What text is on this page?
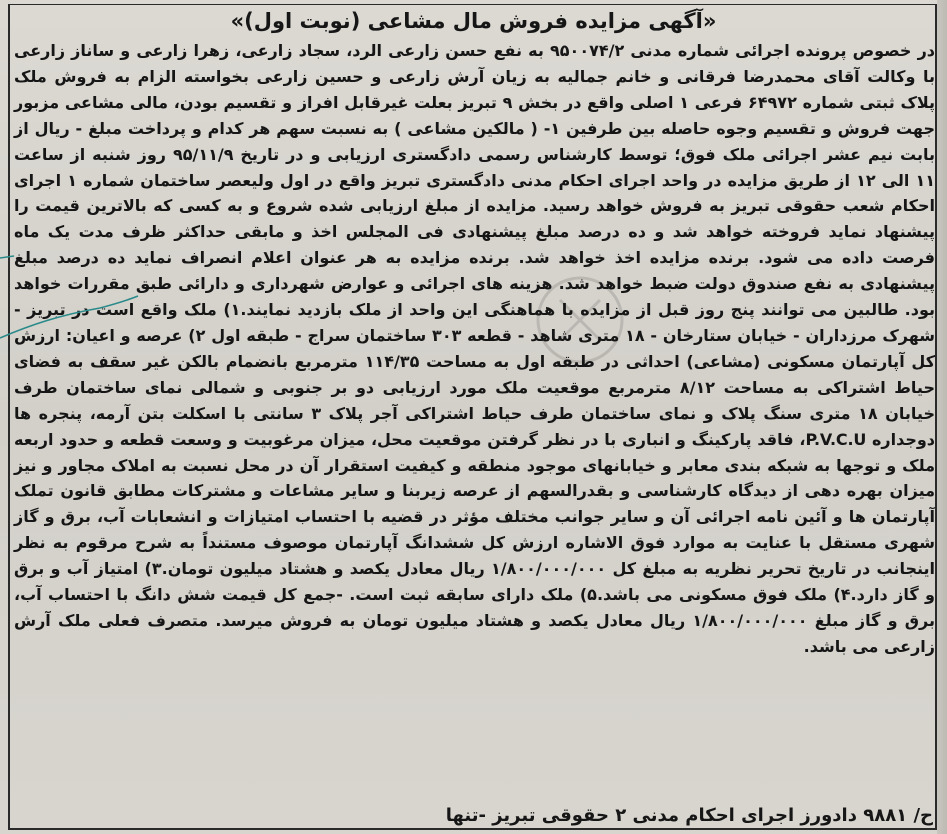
«آگهی مزایده فروش مال مشاعی (نوبت اول)»
در خصوص پرونده اجرائی شماره مدنی ۹۵۰۰۷۴/۲ به نفع حسن زارعی الرد، سجاد زارعی، زهرا زارعی و ساناز زارعی با وکالت آقای محمدرضا فرقانی و خانم جمالیه به زیان آرش زارعی و حسین زارعی بخواسته الزام به فروش ملک پلاک ثبتی شماره ۶۴۹۷۲ فرعی ۱ اصلی واقع در بخش ۹ تبریز بعلت غیرقابل افراز و تقسیم بودن، مالی مشاعی مزبور جهت فروش و تقسیم وجوه حاصله بین طرفین ۱- ( مالکین مشاعی ) به نسبت سهم هر کدام و پرداخت مبلغ - ریال از بابت نیم عشر اجرائی ملک فوق؛ توسط کارشناس رسمی دادگستری ارزیابی و در تاریخ ۹۵/۱۱/۹ روز شنبه از ساعت ۱۱ الی ۱۲ از طریق مزایده در واحد اجرای احکام مدنی دادگستری تبریز واقع در اول ولیعصر ساختمان شماره ۱ اجرای احکام شعب حقوقی تبریز به فروش خواهد رسید. مزایده از مبلغ ارزیابی شده شروع و به کسی که بالاترین قیمت را پیشنهاد نماید فروخته خواهد شد و ده درصد مبلغ پیشنهادی فی المجلس اخذ و مابقی حداکثر ظرف مدت یک ماه فرصت داده می شود. برنده مزایده اخذ خواهد شد. برنده مزایده به هر عنوان اعلام انصراف نماید ده درصد مبلغ پیشنهادی به نفع صندوق دولت ضبط خواهد شد. هزینه های اجرائی و عوارض شهرداری و دارائی طبق مقررات خواهد بود. طالبین می توانند پنج روز قبل از مزایده با هماهنگی این واحد از ملک بازدید نمایند.۱) ملک واقع است در تبریز - شهرک مرزداران - خیابان ستارخان - ۱۸ متری شاهد - قطعه ۳۰۳ ساختمان سراج - طبقه اول ۲) عرصه و اعیان: ارزش کل آپارتمان مسکونی (مشاعی) احداثی در طبقه اول به مساحت ۱۱۴/۳۵ مترمربع بانضمام بالکن غیر سقف به فضای حیاط اشتراکی به مساحت ۸/۱۲ مترمربع موقعیت ملک مورد ارزیابی دو بر جنوبی و شمالی نمای ساختمان طرف خیابان ۱۸ متری سنگ پلاک و نمای ساختمان طرف حیاط اشتراکی آجر پلاک ۳ سانتی با اسکلت بتن آرمه، پنجره ها دوجداره P.V.C.U، فاقد پارکینگ و انباری با در نظر گرفتن موقعیت محل، میزان مرغوبیت و وسعت قطعه و حدود اربعه ملک و توجها به شبکه بندی معابر و خیابانهای موجود منطقه و کیفیت استقرار آن در محل نسبت به املاک مجاور و نیز میزان بهره دهی از دیدگاه کارشناسی و بقدرالسهم از عرصه زیربنا و سایر مشاعات و مشترکات مطابق قانون تملک آپارتمان ها و آئین نامه اجرائی آن و سایر جوانب مختلف مؤثر در قضیه با احتساب امتیازات و انشعابات آب، برق و گاز شهری مستقل با عنایت به موارد فوق الاشاره ارزش کل ششدانگ آپارتمان موصوف مستنداً به شرح مرقوم به نظر اینجانب در تاریخ تحریر نظریه به مبلغ کل ۱/۸۰۰/۰۰۰/۰۰۰ ریال معادل یکصد و هشتاد میلیون تومان.۳) امتیاز آب و برق و گاز دارد.۴) ملک فوق مسکونی می باشد.۵) ملک دارای سابقه ثبت است. -جمع کل قیمت شش دانگ با احتساب آب، برق و گاز مبلغ ۱/۸۰۰/۰۰۰/۰۰۰ ریال معادل یکصد و هشتاد میلیون تومان به فروش میرسد. متصرف فعلی ملک آرش زارعی می باشد.
ح/ ۹۸۸۱ دادورز اجرای احکام مدنی ۲ حقوقی تبریز -تنها
